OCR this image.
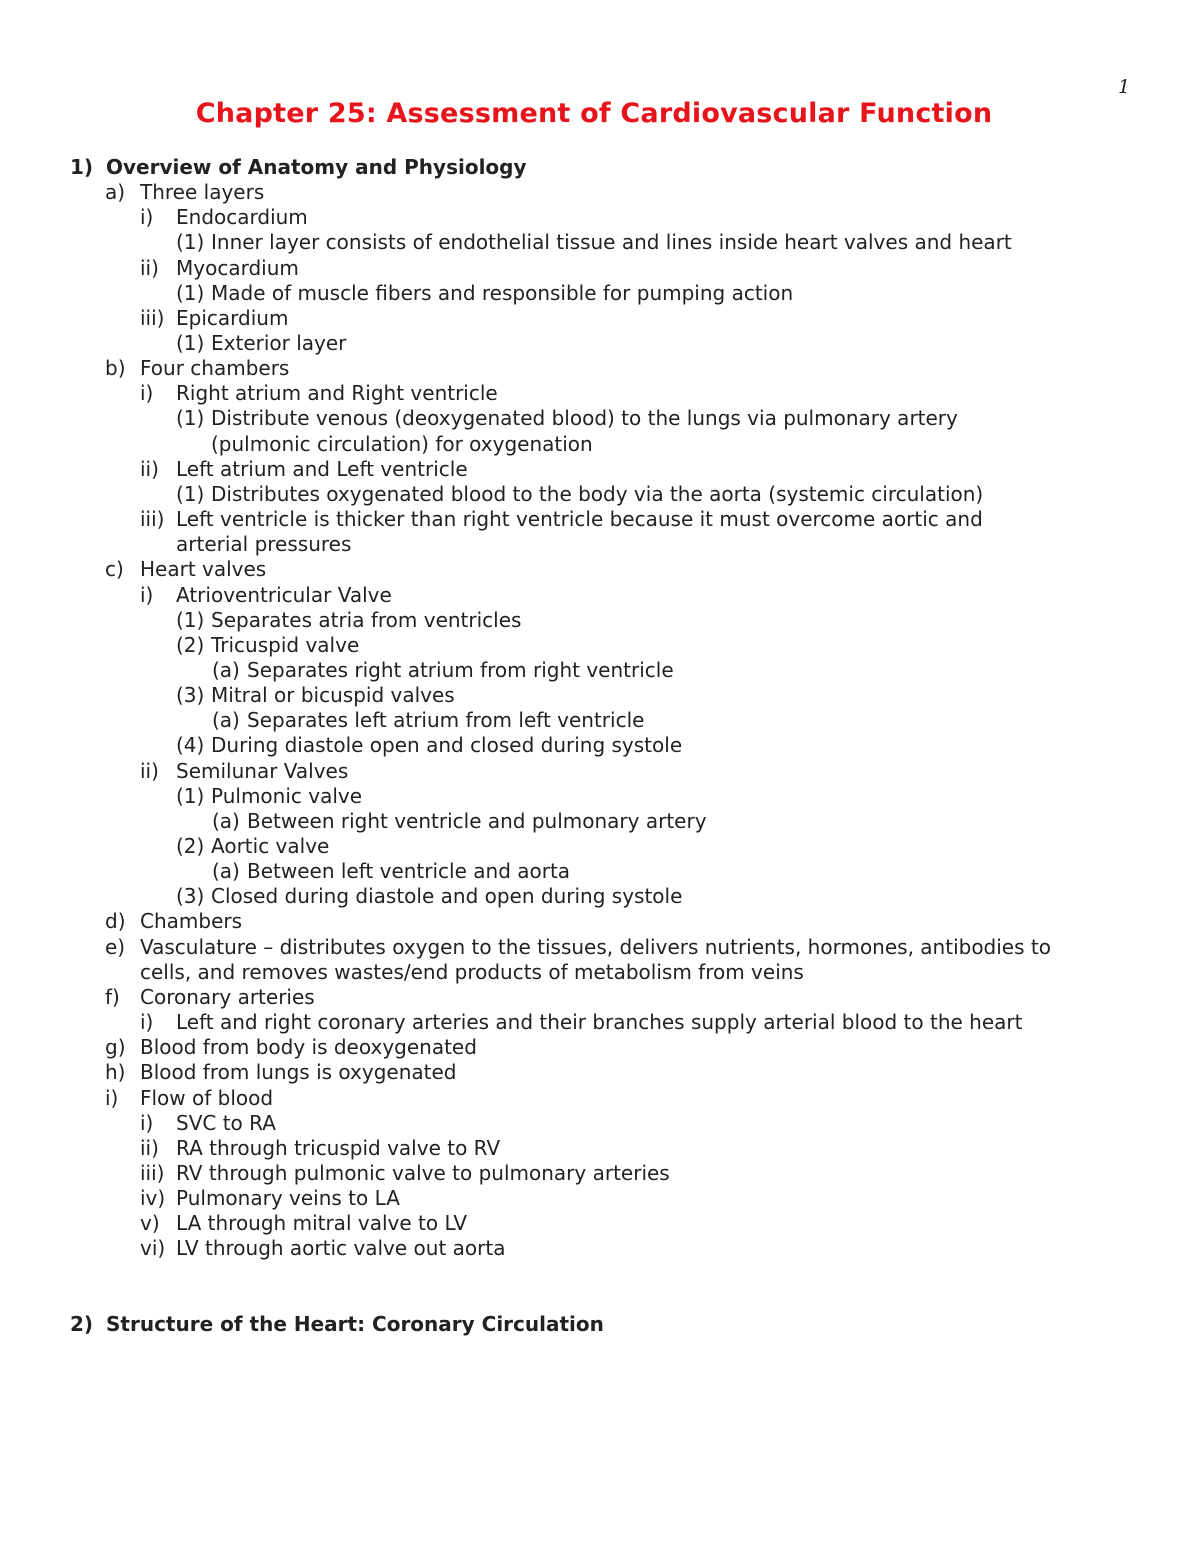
1
Chapter 25: Assessment of Cardiovascular Function
1) Overview of Anatomy and Physiology
a) Three layers
i) Endocardium
(1) Inner layer consists of endothelial tissue and lines inside heart valves and heart
ii) Myocardium
(1) Made of muscle fibers and responsible for pumping action
iii) Epicardium
(1) Exterior layer
b) Four chambers
i) Right atrium and Right ventricle
(1) Distribute venous (deoxygenated blood) to the lungs via pulmonary artery
(pulmonic circulation) for oxygenation
ii) Left atrium and Left ventricle
(1) Distributes oxygenated blood to the body via the aorta (systemic circulation)
iii) Left ventricle is thicker than right ventricle because it must overcome aortic and
arterial pressures
c) Heart valves
i) Atrioventricular Valve
(1) Separates atria from ventricles
(2) Tricuspid valve
(a) Separates right atrium from right ventricle
(3) Mitral or bicuspid valves
(a) Separates left atrium from left ventricle
(4) During diastole open and closed during systole
ii) Semilunar Valves
(1) Pulmonic valve
(a) Between right ventricle and pulmonary artery
(2) Aortic valve
(a) Between left ventricle and aorta
(3) Closed during diastole and open during systole
d) Chambers
e) Vasculature – distributes oxygen to the tissues, delivers nutrients, hormones, antibodies to
cells, and removes wastes/end products of metabolism from veins
f) Coronary arteries
i) Left and right coronary arteries and their branches supply arterial blood to the heart
g) Blood from body is deoxygenated
h) Blood from lungs is oxygenated
i) Flow of blood
i) SVC to RA
ii) RA through tricuspid valve to RV
iii) RV through pulmonic valve to pulmonary arteries
iv) Pulmonary veins to LA
v) LA through mitral valve to LV
vi) LV through aortic valve out aorta
2) Structure of the Heart: Coronary Circulation
